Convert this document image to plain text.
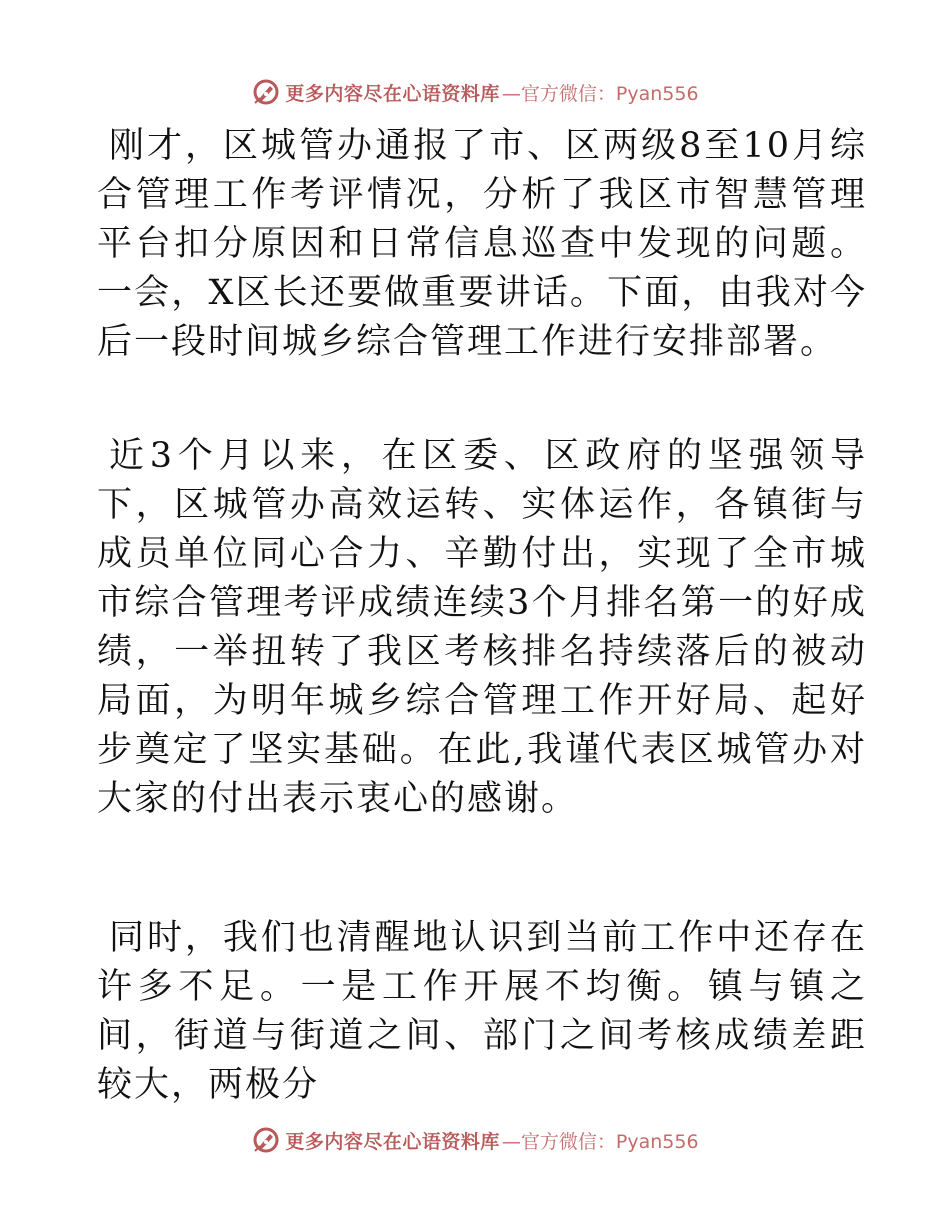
更多内容尽在心语资料库 —官方微信：Pyan556

刚才，区城管办通报了市、区两级8至10月综合管理工作考评情况，分析了我区市智慧管理平台扣分原因和日常信息巡查中发现的问题。一会，X区长还要做重要讲话。下面，由我对今后一段时间城乡综合管理工作进行安排部署。

近3个月以来，在区委、区政府的坚强领导下，区城管办高效运转、实体运作，各镇街与成员单位同心合力、辛勤付出，实现了全市城市综合管理考评成绩连续3个月排名第一的好成绩，一举扭转了我区考核排名持续落后的被动局面，为明年城乡综合管理工作开好局、起好步奠定了坚实基础。在此,我谨代表区城管办对大家的付出表示衷心的感谢。

同时，我们也清醒地认识到当前工作中还存在许多不足。一是工作开展不均衡。镇与镇之间，街道与街道之间、部门之间考核成绩差距较大，两极分

更多内容尽在心语资料库 —官方微信：Pyan556
